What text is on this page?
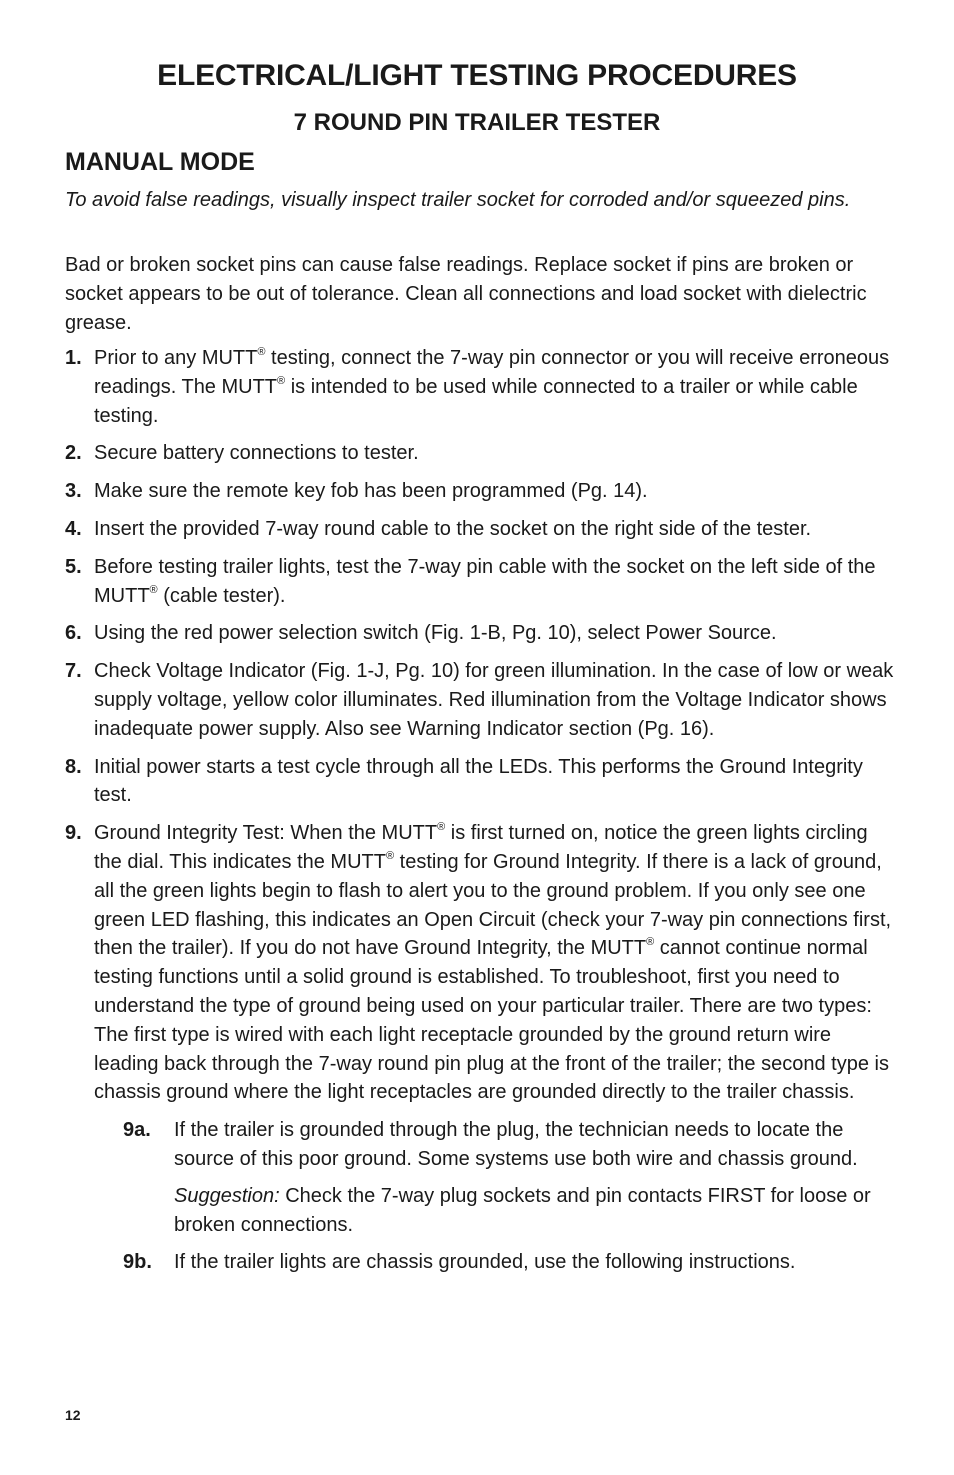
ELECTRICAL/LIGHT TESTING PROCEDURES
7 ROUND PIN TRAILER TESTER
MANUAL MODE
To avoid false readings, visually inspect trailer socket for corroded and/or squeezed pins.
Bad or broken socket pins can cause false readings. Replace socket if pins are broken or socket appears to be out of tolerance. Clean all connections and load socket with dielectric grease.
1. Prior to any MUTT® testing, connect the 7-way pin connector or you will receive erroneous readings. The MUTT® is intended to be used while connected to a trailer or while cable testing.
2. Secure battery connections to tester.
3. Make sure the remote key fob has been programmed (Pg. 14).
4. Insert the provided 7-way round cable to the socket on the right side of the tester.
5. Before testing trailer lights, test the 7-way pin cable with the socket on the left side of the MUTT® (cable tester).
6. Using the red power selection switch (Fig. 1-B, Pg. 10), select Power Source.
7. Check Voltage Indicator (Fig. 1-J, Pg. 10) for green illumination. In the case of low or weak supply voltage, yellow color illuminates. Red illumination from the Voltage Indicator shows inadequate power supply. Also see Warning Indicator section (Pg. 16).
8. Initial power starts a test cycle through all the LEDs. This performs the Ground Integrity test.
9. Ground Integrity Test: When the MUTT® is first turned on, notice the green lights circling the dial. This indicates the MUTT® testing for Ground Integrity. If there is a lack of ground, all the green lights begin to flash to alert you to the ground problem. If you only see one green LED flashing, this indicates an Open Circuit (check your 7-way pin connections first, then the trailer). If you do not have Ground Integrity, the MUTT® cannot continue normal testing functions until a solid ground is established. To troubleshoot, first you need to understand the type of ground being used on your particular trailer. There are two types: The first type is wired with each light receptacle grounded by the ground return wire leading back through the 7-way round pin plug at the front of the trailer; the second type is chassis ground where the light receptacles are grounded directly to the trailer chassis.
9a. If the trailer is grounded through the plug, the technician needs to locate the source of this poor ground. Some systems use both wire and chassis ground.
Suggestion: Check the 7-way plug sockets and pin contacts FIRST for loose or broken connections.
9b. If the trailer lights are chassis grounded, use the following instructions.
12
